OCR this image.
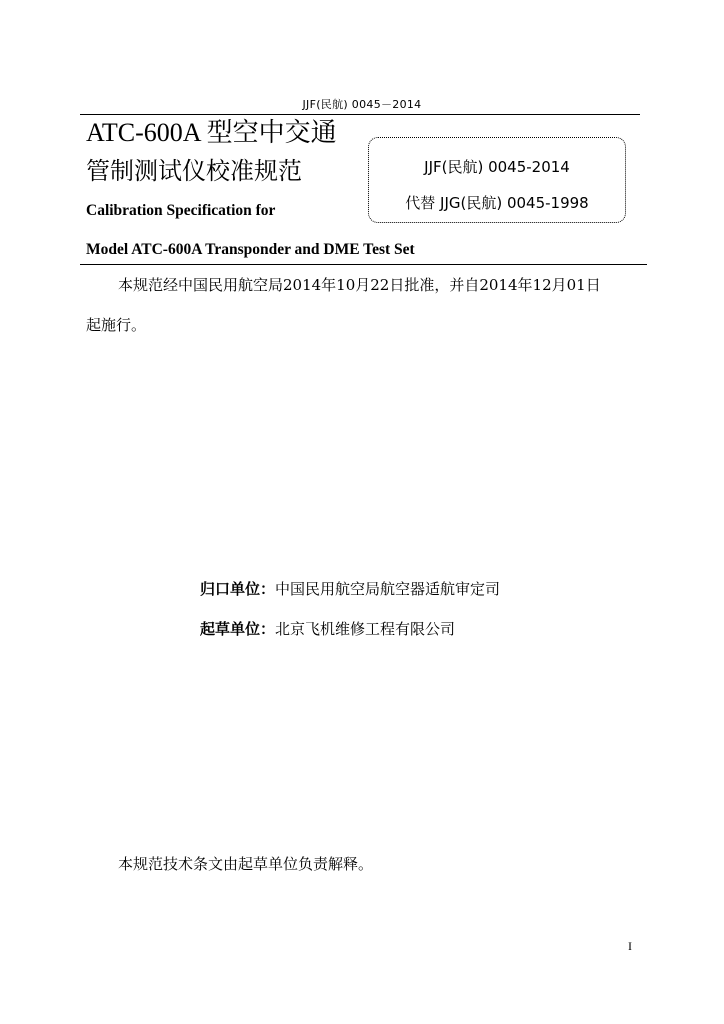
JJF(民航) 0045－2014
ATC-600A 型空中交通
管制测试仪校准规范	JJF(民航) 0045-2014
代替 JJG(民航) 0045-1998
Calibration Specification for
Model ATC-600A Transponder and DME Test Set
本规范经中国民用航空局2014年10月22日批准，并自2014年12月01日
起施行。
归口单位：中国民用航空局航空器适航审定司
起草单位：北京飞机维修工程有限公司
本规范技术条文由起草单位负责解释。
I
